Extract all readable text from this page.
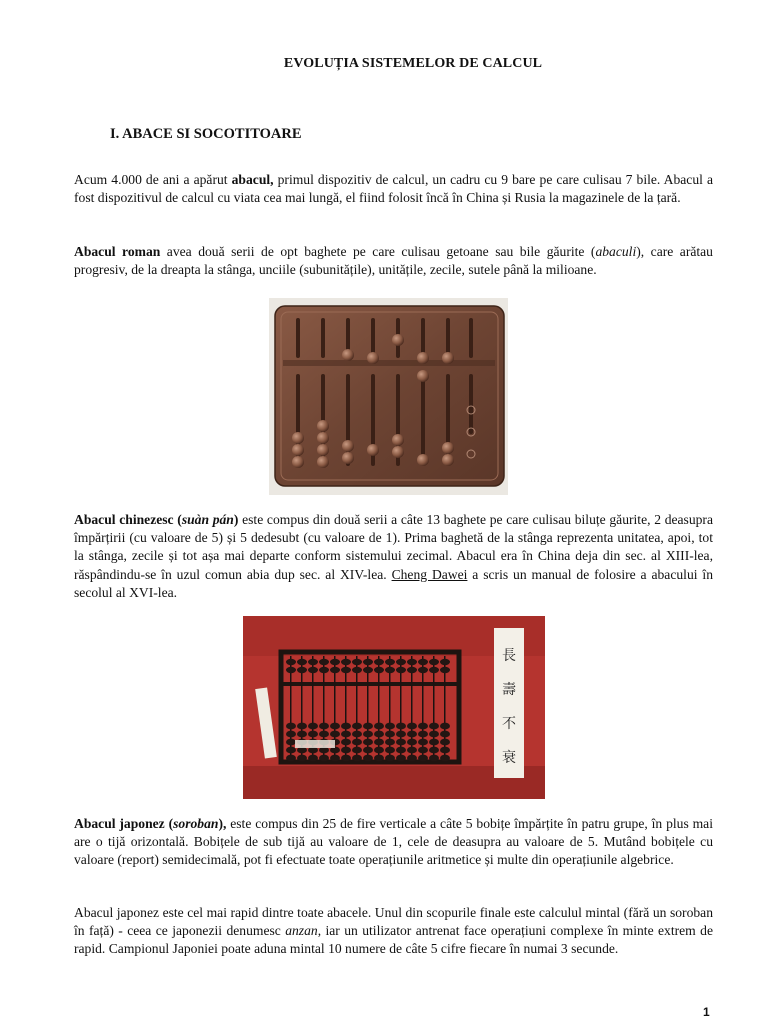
EVOLUȚIA SISTEMELOR DE CALCUL
I. ABACE SI SOCOTITOARE
Acum 4.000 de ani a apărut abacul, primul dispozitiv de calcul, un cadru cu 9 bare pe care culisau 7 bile. Abacul a fost dispozitivul de calcul cu viata cea mai lungă, el fiind folosit încă în China și Rusia la magazinele de la țară.
Abacul roman avea două serii de opt baghete pe care culisau getoane sau bile găurite (abaculi), care arătau progresiv, de la dreapta la stânga, unciile (subunitățile), unitățile, zecile, sutele până la milioane.
Abacul chinezesc (suàn pán) este compus din două serii a câte 13 baghete pe care culisau biluțe găurite, 2 deasupra împărțirii (cu valoare de 5) și 5 dedesubt (cu valoare de 1). Prima baghetă de la stânga reprezenta unitatea, apoi, tot la stânga, zecile și tot așa mai departe conform sistemului zecimal. Abacul era în China deja din sec. al XIII-lea, răspândindu-se în uzul comun abia dup sec. al XIV-lea. Cheng Dawei a scris un manual de folosire a abacului în secolul al XVI-lea.
長
壽
不
衰
Abacul japonez (soroban), este compus din 25 de fire verticale a câte 5 bobițe împărțite în patru grupe, în plus mai are o tijă orizontală. Bobițele de sub tijă au valoare de 1, cele de deasupra au valoare de 5. Mutând bobițele cu valoare (report) semidecimală, pot fi efectuate toate operațiunile aritmetice și multe din operațiunile algebrice.
Abacul japonez este cel mai rapid dintre toate abacele. Unul din scopurile finale este calculul mintal (fără un soroban în față) - ceea ce japonezii denumesc anzan, iar un utilizator antrenat face operațiuni complexe în minte extrem de rapid. Campionul Japoniei poate aduna mintal 10 numere de câte 5 cifre fiecare în numai 3 secunde.
1
